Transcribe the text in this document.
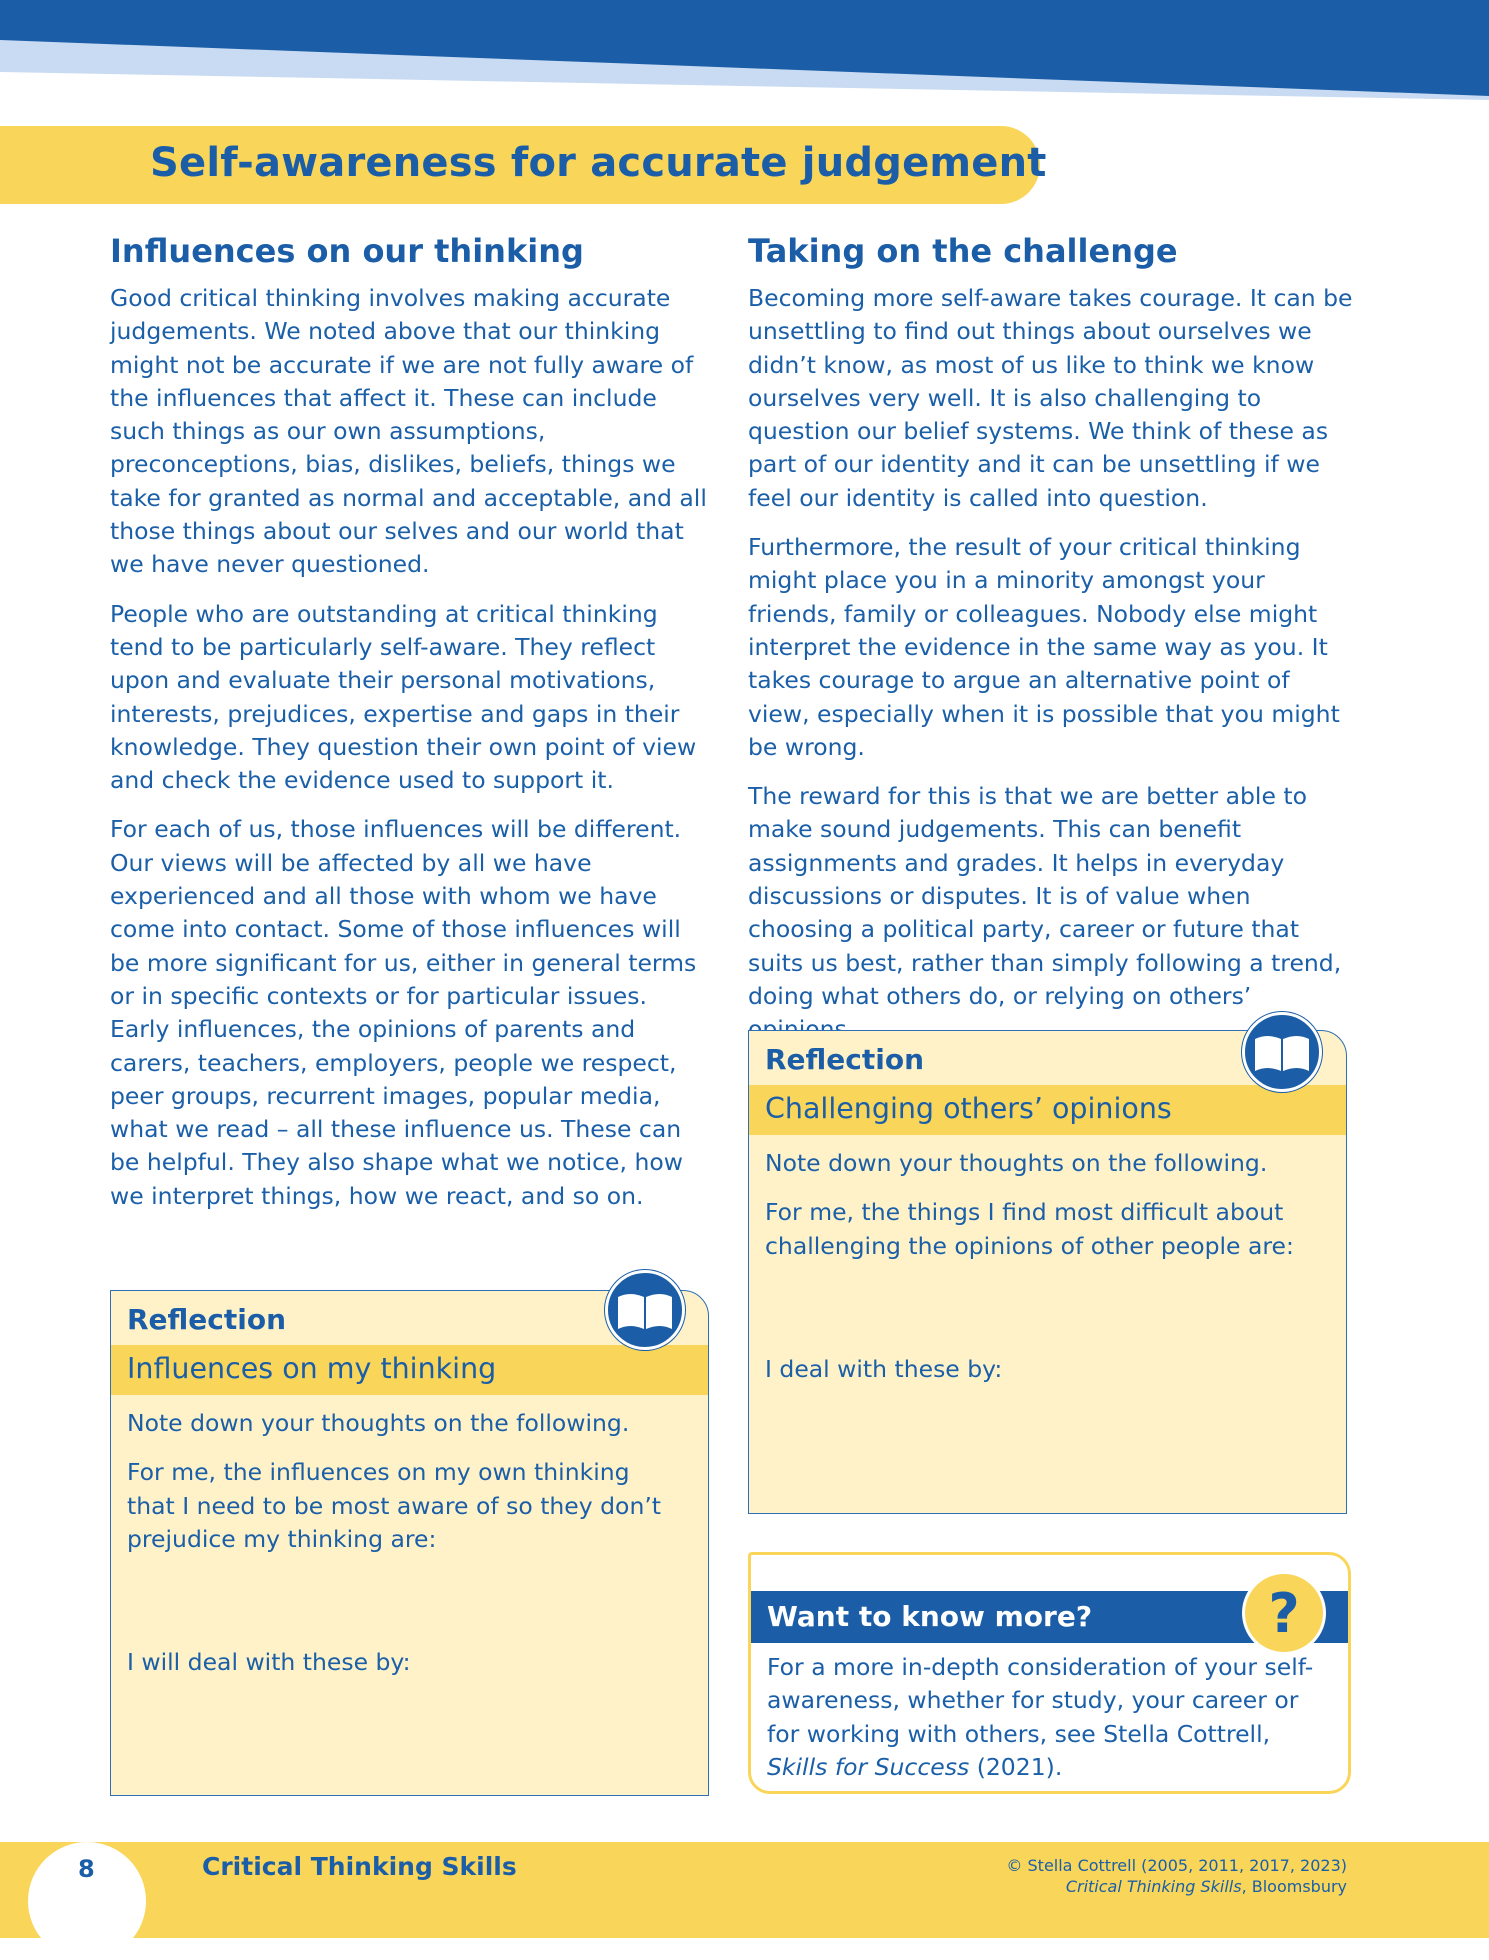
Self-awareness for accurate judgement
Influences on our thinking

Good critical thinking involves making accurate judgements. We noted above that our thinking might not be accurate if we are not fully aware of the influences that affect it. These can include such things as our own assumptions, preconceptions, bias, dislikes, beliefs, things we take for granted as normal and acceptable, and all those things about our selves and our world that we have never questioned.

People who are outstanding at critical thinking tend to be particularly self-aware. They reflect upon and evaluate their personal motivations, interests, prejudices, expertise and gaps in their knowledge. They question their own point of view and check the evidence used to support it.

For each of us, those influences will be different. Our views will be affected by all we have experienced and all those with whom we have come into contact. Some of those influences will be more significant for us, either in general terms or in specific contexts or for particular issues. Early influences, the opinions of parents and carers, teachers, employers, people we respect, peer groups, recurrent images, popular media, what we read – all these influence us. These can be helpful. They also shape what we notice, how we interpret things, how we react, and so on.

Taking on the challenge

Becoming more self-aware takes courage. It can be unsettling to find out things about ourselves we didn’t know, as most of us like to think we know ourselves very well. It is also challenging to question our belief systems. We think of these as part of our identity and it can be unsettling if we feel our identity is called into question.

Furthermore, the result of your critical thinking might place you in a minority amongst your friends, family or colleagues. Nobody else might interpret the evidence in the same way as you. It takes courage to argue an alternative point of view, especially when it is possible that you might be wrong.

The reward for this is that we are better able to make sound judgements. This can benefit assignments and grades. It helps in everyday discussions or disputes. It is of value when choosing a political party, career or future that suits us best, rather than simply following a trend, doing what others do, or relying on others’

Reflection
Influences on my thinking

Note down your thoughts on the following.

For me, the influences on my own thinking that I need to be most aware of so they don’t prejudice my thinking are:

I will deal with these by:

Reflection
Challenging others’ opinions

Note down your thoughts on the following.

For me, the things I find most difficult about challenging the opinions of other people are:

I deal with these by:

Want to know more?	?

For a more in-depth consideration of your self-awareness, whether for study, your career or for working with others, see Stella Cottrell, Skills for Success (2021).

8	Critical Thinking Skills	© Stella Cottrell (2005, 2011, 2017, 2023)
Critical Thinking Skills, Bloomsbury
